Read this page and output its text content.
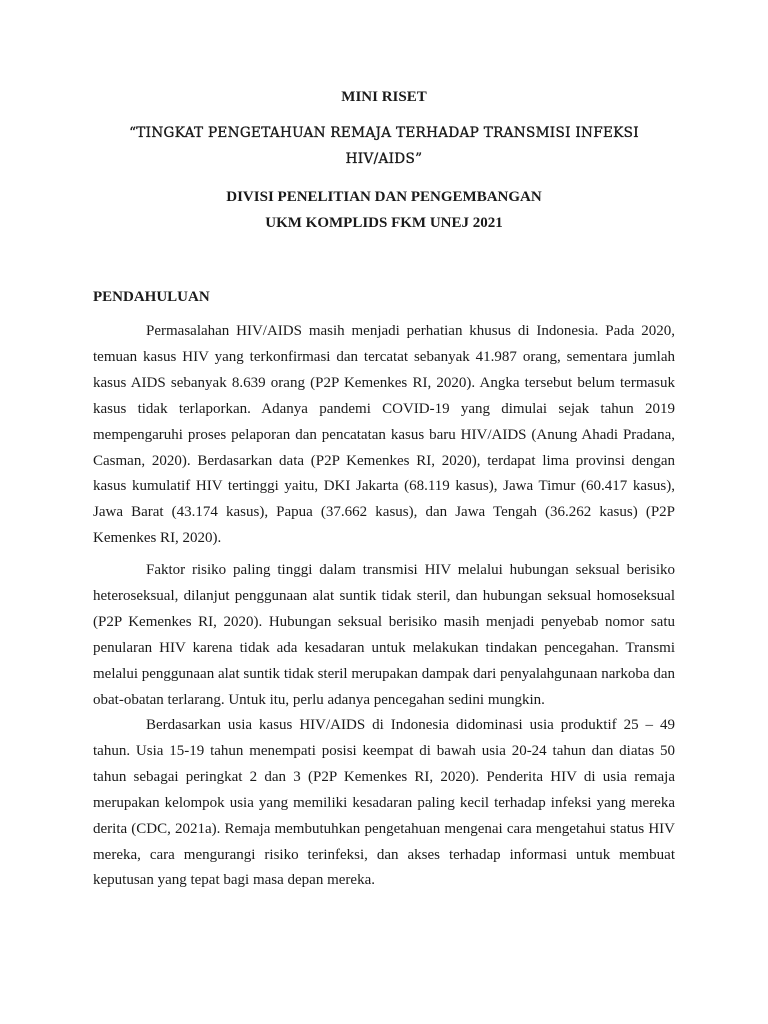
MINI RISET
“TINGKAT PENGETAHUAN REMAJA TERHADAP TRANSMISI INFEKSI
HIV/AIDS”
DIVISI PENELITIAN DAN PENGEMBANGAN
UKM KOMPLIDS FKM UNEJ 2021
PENDAHULUAN

Permasalahan HIV/AIDS masih menjadi perhatian khusus di Indonesia. Pada 2020, temuan kasus HIV yang terkonfirmasi dan tercatat sebanyak 41.987 orang, sementara jumlah kasus AIDS sebanyak 8.639 orang (P2P Kemenkes RI, 2020). Angka tersebut belum termasuk kasus tidak terlaporkan. Adanya pandemi COVID-19 yang dimulai sejak tahun 2019 mempengaruhi proses pelaporan dan pencatatan kasus baru HIV/AIDS (Anung Ahadi Pradana, Casman, 2020). Berdasarkan data (P2P Kemenkes RI, 2020), terdapat lima provinsi dengan kasus kumulatif HIV tertinggi yaitu, DKI Jakarta (68.119 kasus), Jawa Timur (60.417 kasus), Jawa Barat (43.174 kasus), Papua (37.662 kasus), dan Jawa Tengah (36.262 kasus) (P2P Kemenkes RI, 2020).

Faktor risiko paling tinggi dalam transmisi HIV melalui hubungan seksual berisiko heteroseksual, dilanjut penggunaan alat suntik tidak steril, dan hubungan seksual homoseksual (P2P Kemenkes RI, 2020). Hubungan seksual berisiko masih menjadi penyebab nomor satu penularan HIV karena tidak ada kesadaran untuk melakukan tindakan pencegahan. Transmi melalui penggunaan alat suntik tidak steril merupakan dampak dari penyalahgunaan narkoba dan obat-obatan terlarang. Untuk itu, perlu adanya pencegahan sedini mungkin.

Berdasarkan usia kasus HIV/AIDS di Indonesia didominasi usia produktif 25 – 49 tahun. Usia 15-19 tahun menempati posisi keempat di bawah usia 20-24 tahun dan diatas 50 tahun sebagai peringkat 2 dan 3 (P2P Kemenkes RI, 2020). Penderita HIV di usia remaja merupakan kelompok usia yang memiliki kesadaran paling kecil terhadap infeksi yang mereka derita (CDC, 2021a). Remaja membutuhkan pengetahuan mengenai cara mengetahui status HIV mereka, cara mengurangi risiko terinfeksi, dan akses terhadap informasi untuk membuat keputusan yang tepat bagi masa depan mereka.
